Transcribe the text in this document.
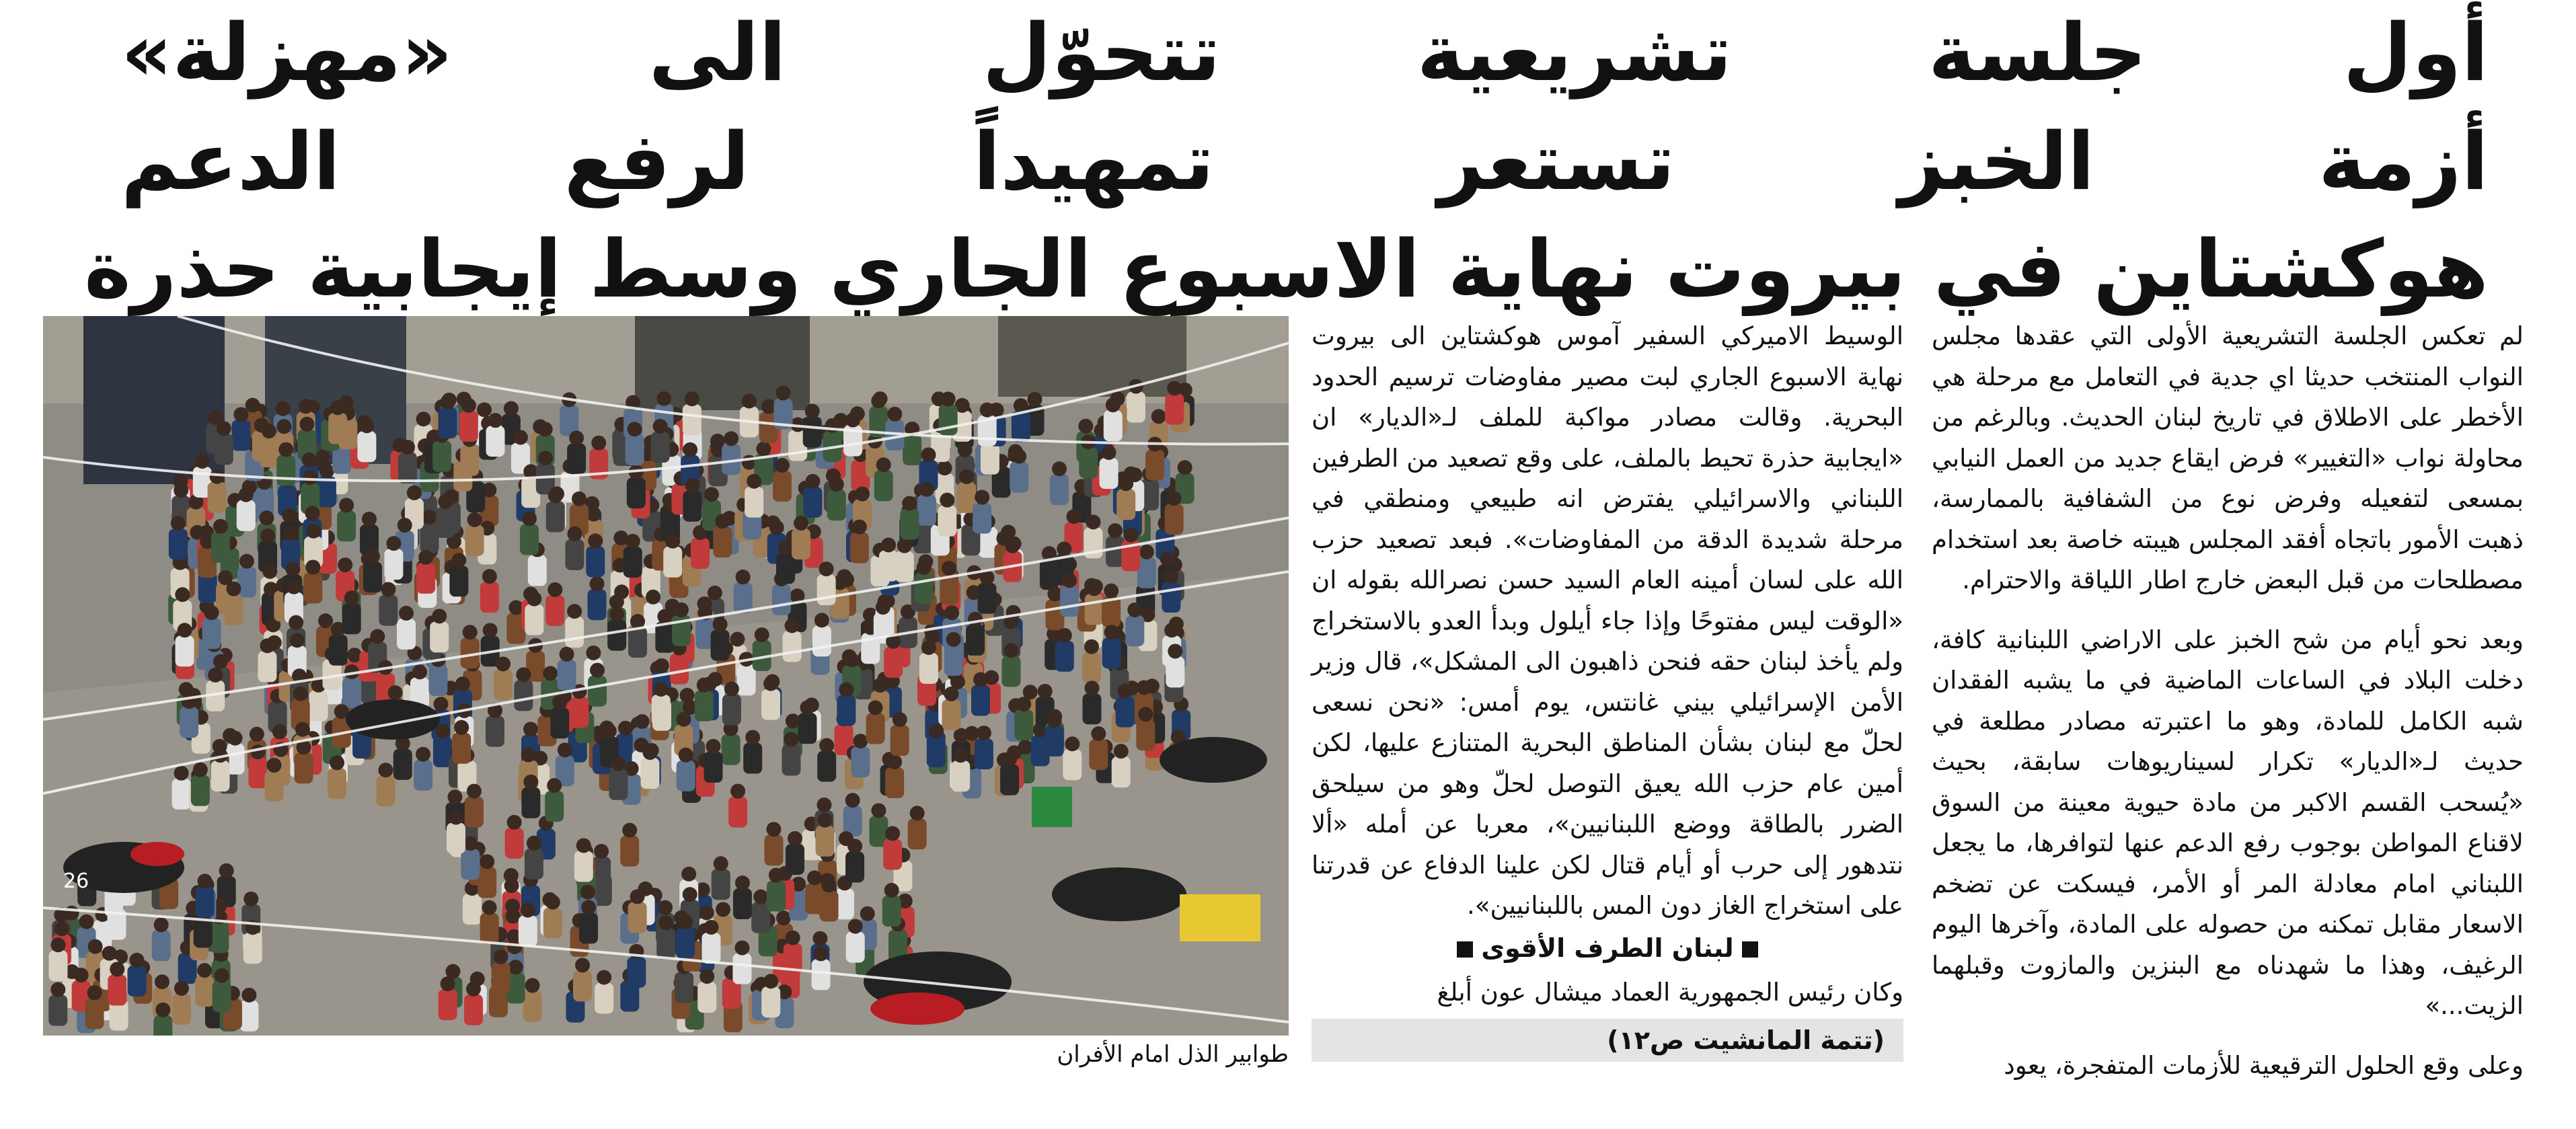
أول جلسة تشريعية تتحوّل الى «مهزلة»
أزمة الخبز تستعر تمهيداً لرفع الدعم
هوكشتاين في بيروت نهاية الاسبوع الجاري وسط إيجابية حذرة

لم تعكس الجلسة التشريعية الأولى التي عقدها مجلس النواب المنتخب حديثا اي جدية في التعامل مع مرحلة هي الأخطر على الاطلاق في تاريخ لبنان الحديث. وبالرغم من محاولة نواب «التغيير» فرض ايقاع جديد من العمل النيابي بمسعى لتفعيله وفرض نوع من الشفافية بالممارسة، ذهبت الأمور باتجاه أفقد المجلس هيبته خاصة بعد استخدام مصطلحات من قبل البعض خارج اطار اللياقة والاحترام.

وبعد نحو أيام من شح الخبز على الاراضي اللبنانية كافة، دخلت البلاد في الساعات الماضية في ما يشبه الفقدان شبه الكامل للمادة، وهو ما اعتبرته مصادر مطلعة في حديث لـ«الديار» تكرار لسيناريوهات سابقة، بحيث «يُسحب القسم الاكبر من مادة حيوية معينة من السوق لاقناع المواطن بوجوب رفع الدعم عنها لتوافرها، ما يجعل اللبناني امام معادلة المر أو الأمر، فيسكت عن تضخم الاسعار مقابل تمكنه من حصوله على المادة، وآخرها اليوم الرغيف، وهذا ما شهدناه مع البنزين والمازوت وقبلهما الزيت...»

وعلى وقع الحلول الترقيعية للأزمات المتفجرة، يعود

الوسيط الاميركي السفير آموس هوكشتاين الى بيروت نهاية الاسبوع الجاري لبت مصير مفاوضات ترسيم الحدود البحرية. وقالت مصادر مواكبة للملف لـ«الديار» ان «ايجابية حذرة تحيط بالملف، على وقع تصعيد من الطرفين اللبناني والاسرائيلي يفترض انه طبيعي ومنطقي في مرحلة شديدة الدقة من المفاوضات». فبعد تصعيد حزب الله على لسان أمينه العام السيد حسن نصرالله بقوله ان «الوقت ليس مفتوحًا وإذا جاء أيلول وبدأ العدو بالاستخراج ولم يأخذ لبنان حقه فنحن ذاهبون الى المشكل»، قال وزير الأمن الإسرائيلي بيني غانتس، يوم أمس: «نحن نسعى لحلّ مع لبنان بشأن المناطق البحرية المتنازع عليها، لكن أمين عام حزب الله يعيق التوصل لحلّ وهو من سيلحق الضرر بالطاقة ووضع اللبنانيين»، معربا عن أمله «ألا نتدهور إلى حرب أو أيام قتال لكن علينا الدفاع عن قدرتنا على استخراج الغاز دون المس باللبنانيين».

لبنان الطرف الأقوى

وكان رئيس الجمهورية العماد ميشال عون أبلغ

(تتمة المانشيت ص١٢)
26
طوابير الذل امام الأفران
